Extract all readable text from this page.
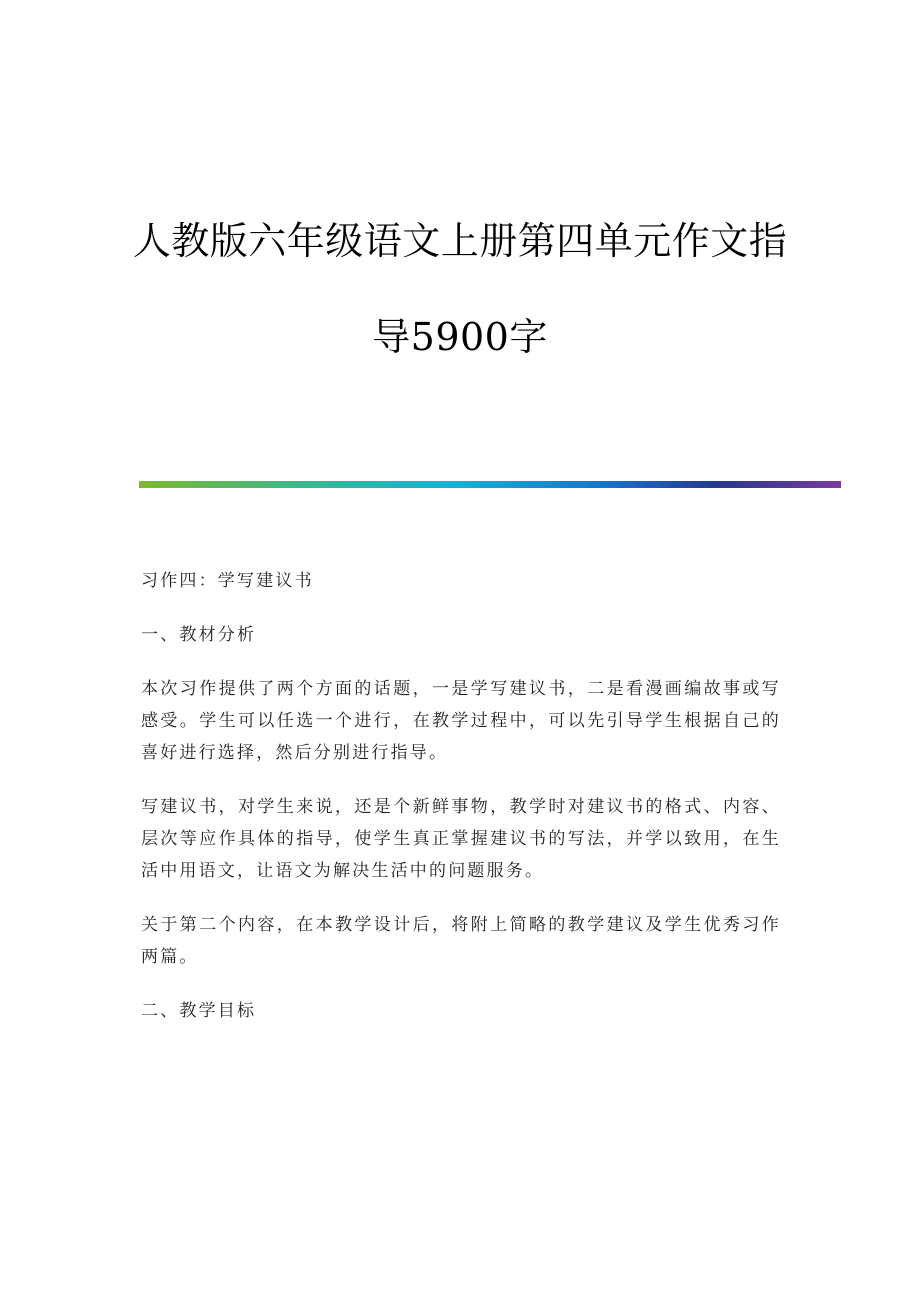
人教版六年级语文上册第四单元作文指
导5900字

习作四：学写建议书

一、教材分析

本次习作提供了两个方面的话题，一是学写建议书，二是看漫画编故事或写感受。学生可以任选一个进行，在教学过程中，可以先引导学生根据自己的喜好进行选择，然后分别进行指导。

写建议书，对学生来说，还是个新鲜事物，教学时对建议书的格式、内容、层次等应作具体的指导，使学生真正掌握建议书的写法，并学以致用，在生活中用语文，让语文为解决生活中的问题服务。

关于第二个内容，在本教学设计后，将附上简略的教学建议及学生优秀习作两篇。

二、教学目标
